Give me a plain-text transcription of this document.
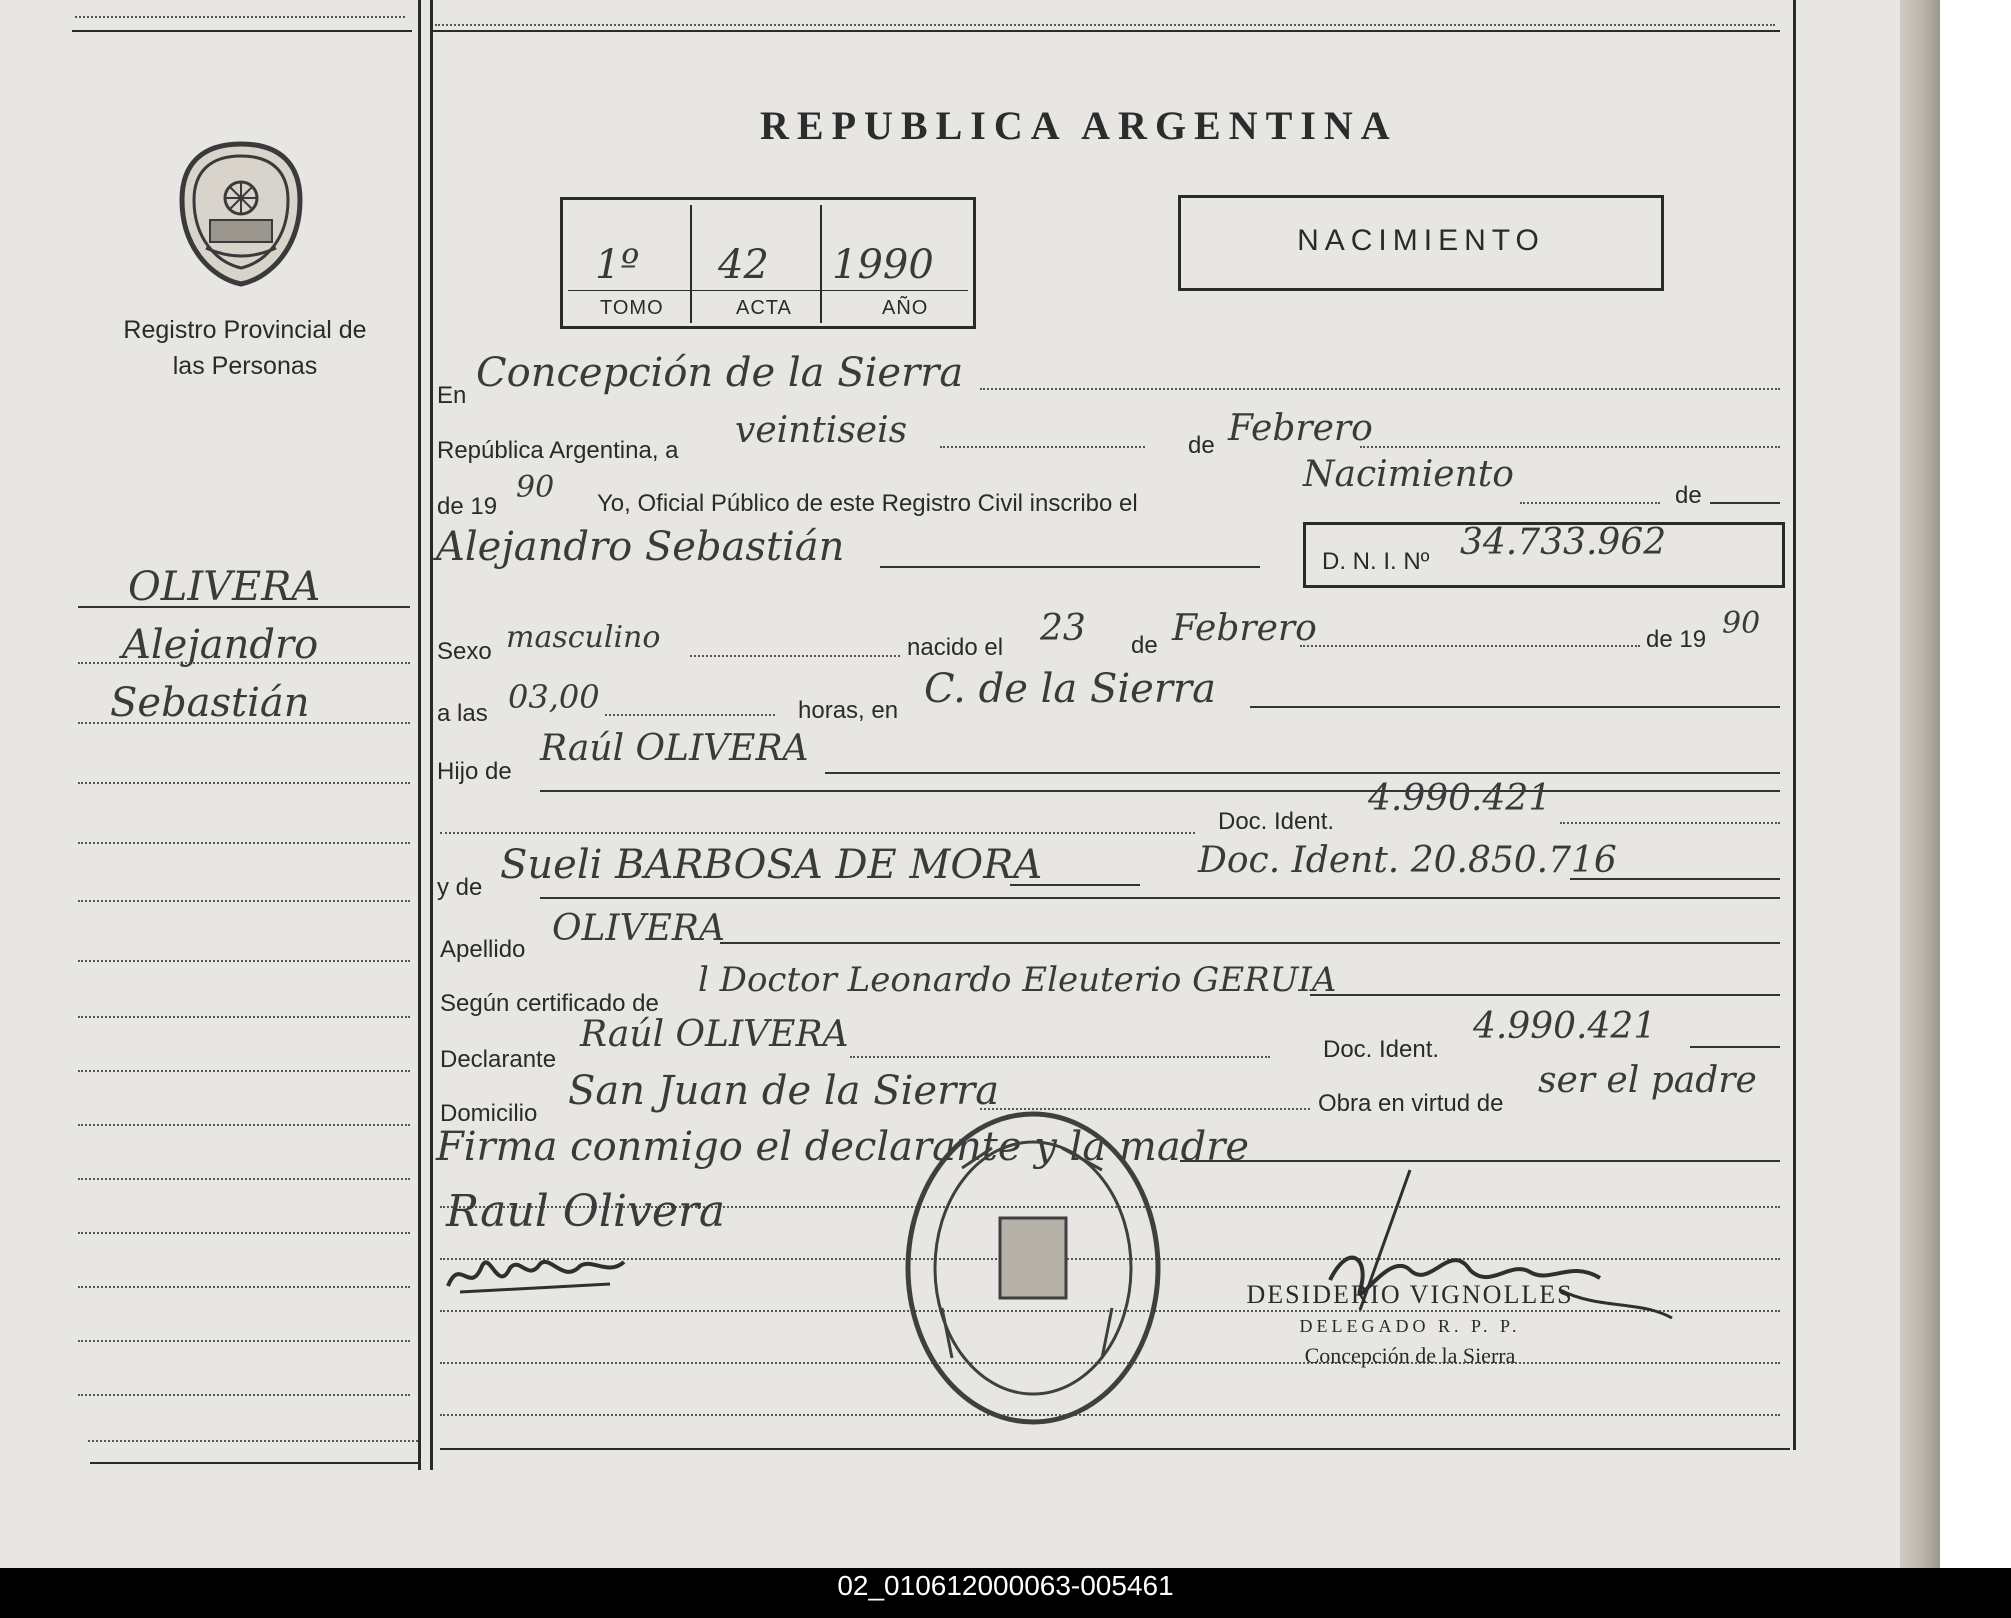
REPUBLICA ARGENTINA
1º 42 1990
TOMO	ACTA	AÑO
NACIMIENTO
Registro Provincial de las Personas
OLIVERA
Alejandro
Sebastián
En Concepción de la Sierra
República Argentina, a veintiseis	de Febrero
de 19
90 Yo, Oficial Público de este Registro Civil inscribo el
Nacimiento
de
Alejandro Sebastián	D. N. I. Nº 34.733.962
Sexo masculino	nacido el 23 de Febrero	de 19 90
a las 03,00	horas, en C. de la Sierra
Hijo de
Raúl OLIVERA
Doc. Ident.
4.990.421
y de Sueli BARBOSA DE MORA	Doc. Ident. 20.850.716
Apellido
OLIVERA
Según certificado de
l Doctor Leonardo Eleuterio GERUIA
Declarante
Raúl OLIVERA	Doc. Ident.
4.990.421
Domicilio San Juan de la Sierra	Obra en virtud de
ser el padre
Firma conmigo el declarante y la madre
Raul Olivera
DESIDERIO VIGNOLLES
DELEGADO R. P. P.
Concepción de la Sierra
02_010612000063-005461
